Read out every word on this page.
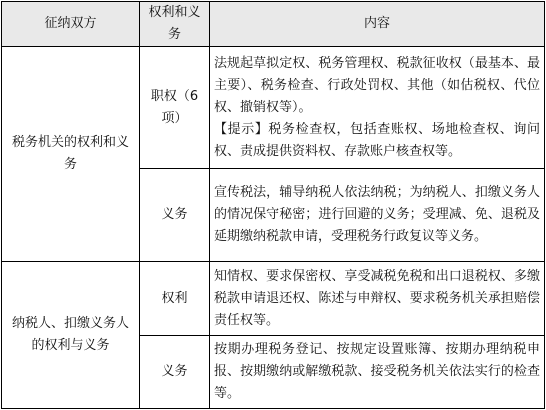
征纳双方	权利和义务	内容
税务机关的权利和义务	职权（6项）	法规起草拟定权、税务管理权、税款征收权（最基本、最主要）、税务检查、行政处罚权、其他（如估税权、代位权、撤销权等）。

【提示】税务检查权，包括查账权、场地检查权、询问权、责成提供资料权、存款账户核查权等。

	义务	宣传税法，辅导纳税人依法纳税；为纳税人、扣缴义务人的情况保守秘密；进行回避的义务；受理减、免、退税及延期缴纳税款申请，受理税务行政复议等义务。

纳税人、扣缴义务人的权利与义务	权利	知情权、要求保密权、享受减税免税和出口退税权、多缴税款申请退还权、陈述与申辩权、要求税务机关承担赔偿责任权等。

	义务	按期办理税务登记、按规定设置账簿、按期办理纳税申报、按期缴纳或解缴税款、接受税务机关依法实行的检查等。
